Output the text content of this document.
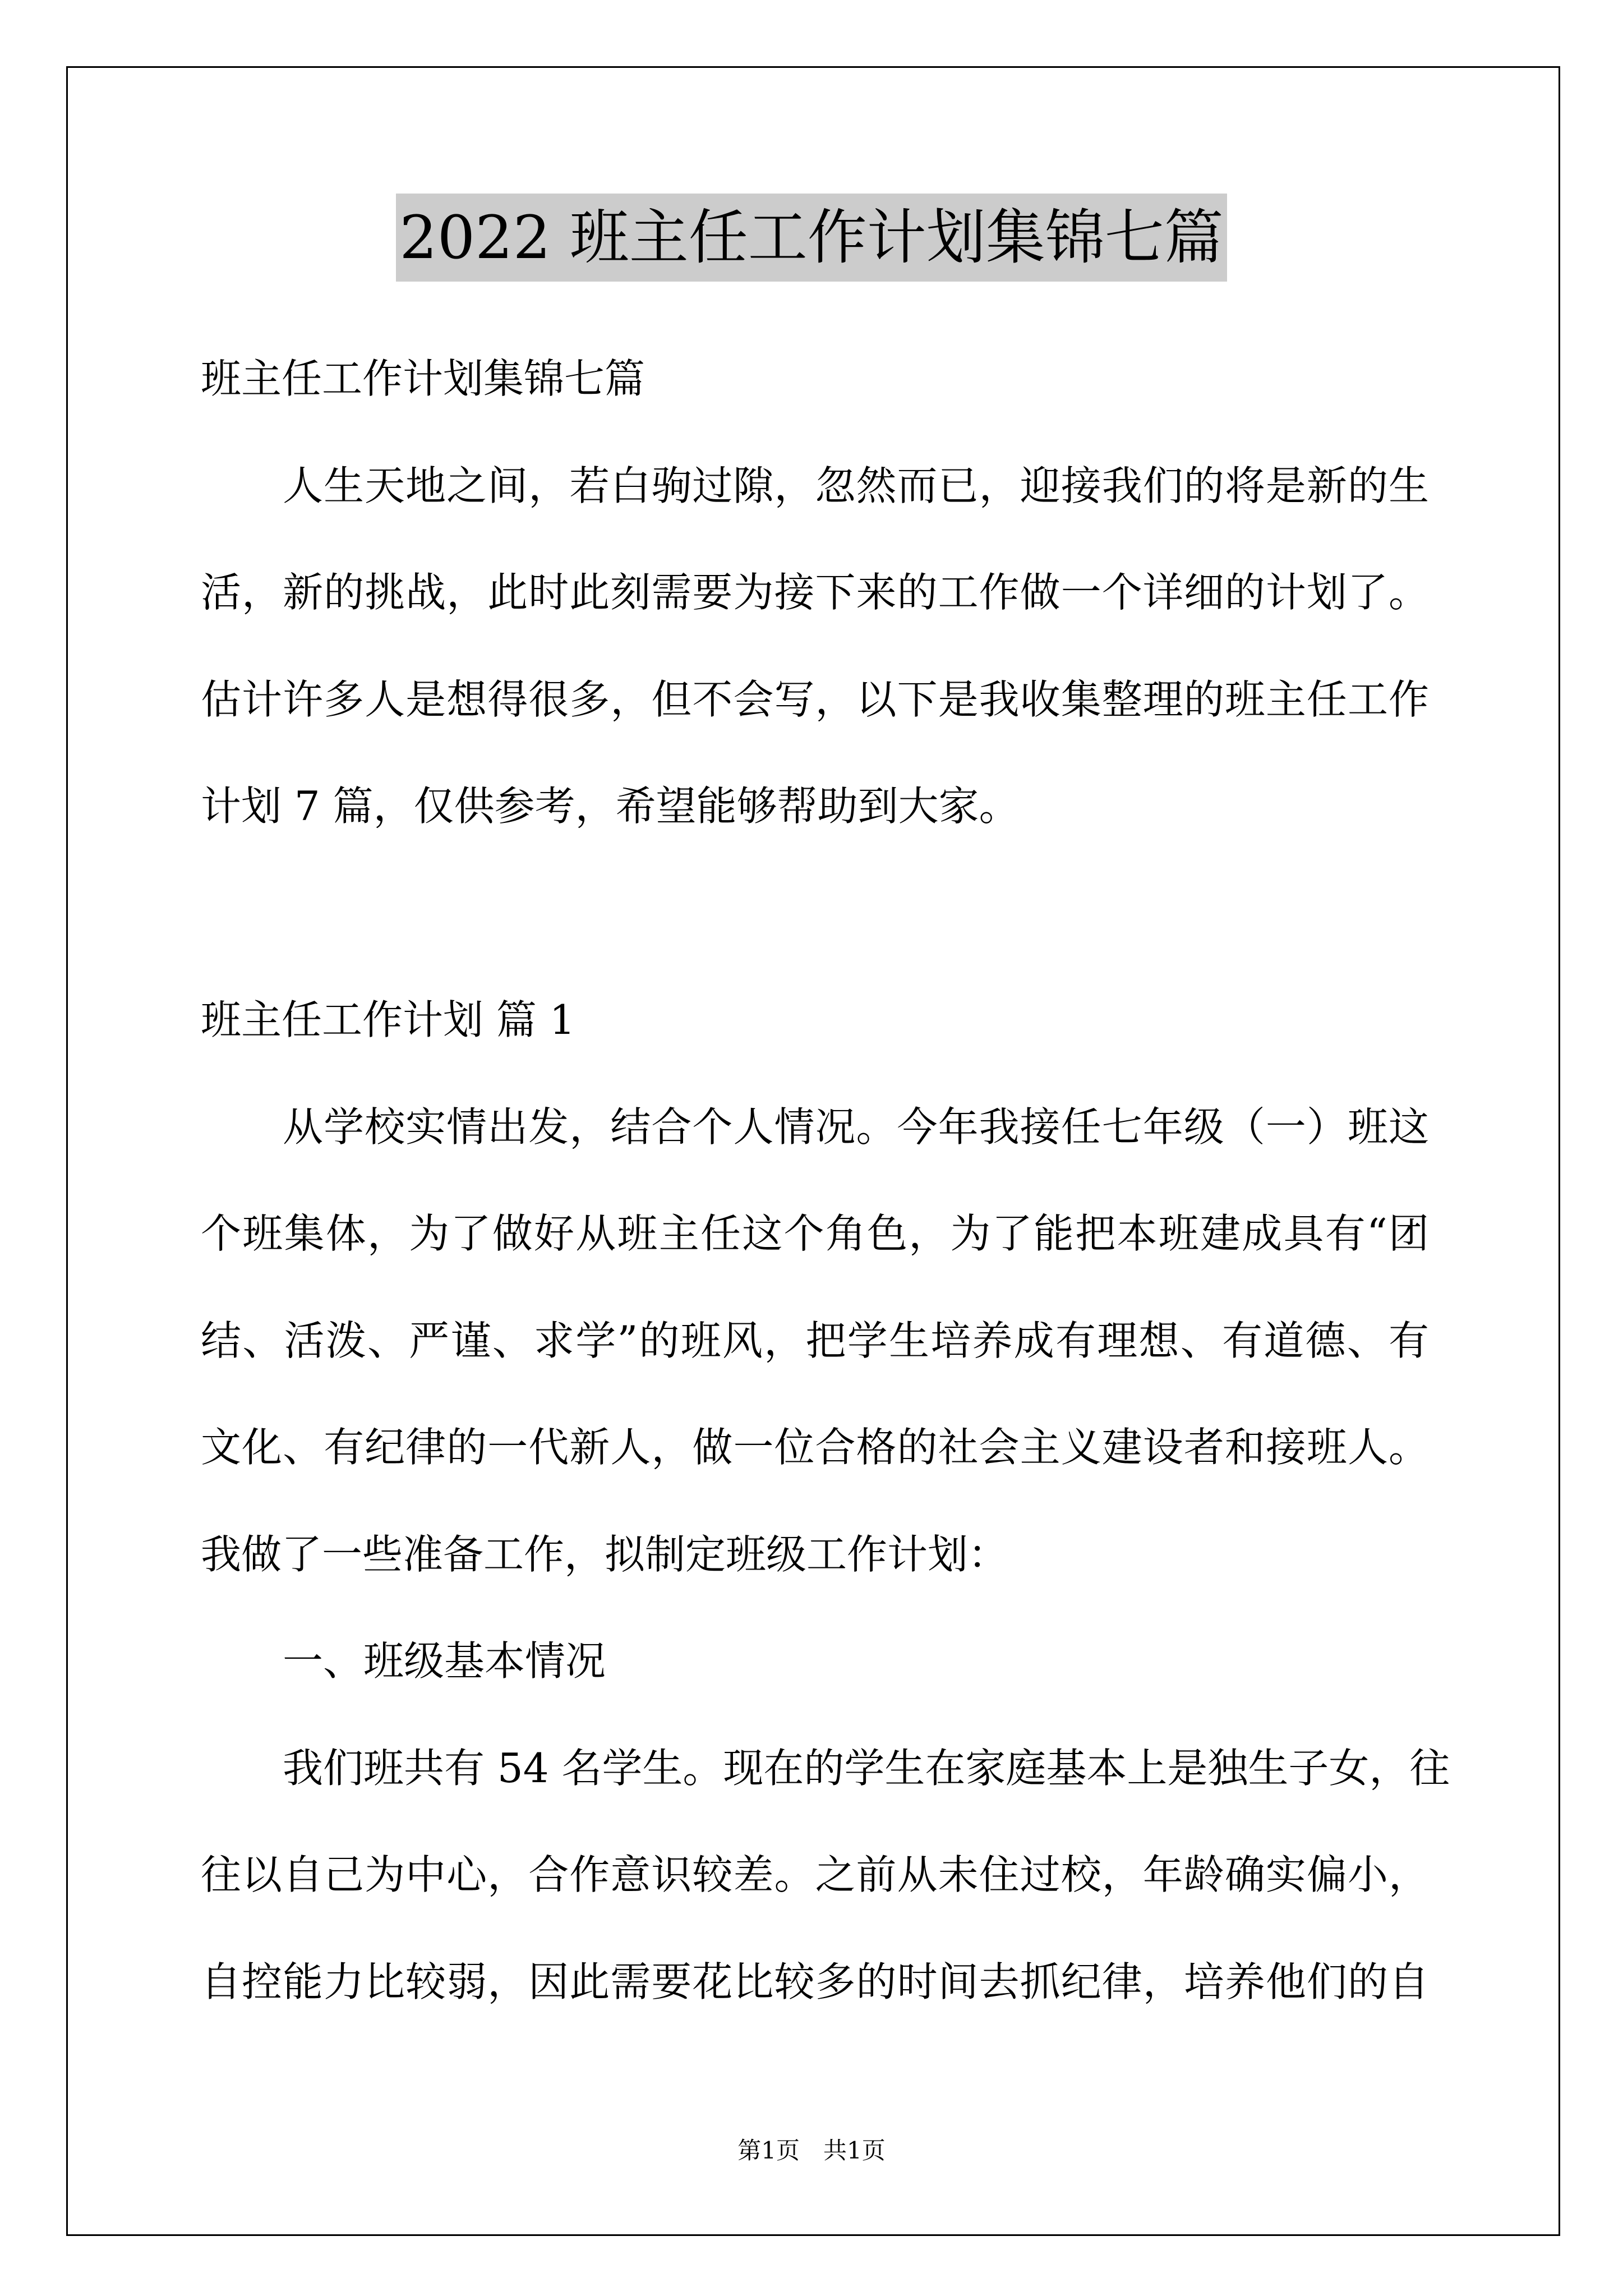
2022 班主任工作计划集锦七篇
班主任工作计划集锦七篇
人生天地之间，若白驹过隙，忽然而已，迎接我们的将是新的生
活，新的挑战，此时此刻需要为接下来的工作做一个详细的计划了。
估计许多人是想得很多，但不会写，以下是我收集整理的班主任工作
计划 7 篇，仅供参考，希望能够帮助到大家。
班主任工作计划 篇 1
从学校实情出发，结合个人情况。今年我接任七年级（一）班这
个班集体，为了做好从班主任这个角色，为了能把本班建成具有“团
结、活泼、严谨、求学”的班风，把学生培养成有理想、有道德、有
文化、有纪律的一代新人，做一位合格的社会主义建设者和接班人。
我做了一些准备工作，拟制定班级工作计划：
一、班级基本情况
我们班共有 54 名学生。现在的学生在家庭基本上是独生子女，往
往以自己为中心，合作意识较差。之前从未住过校，年龄确实偏小，
自控能力比较弱，因此需要花比较多的时间去抓纪律，培养他们的自
第1页　共1页
